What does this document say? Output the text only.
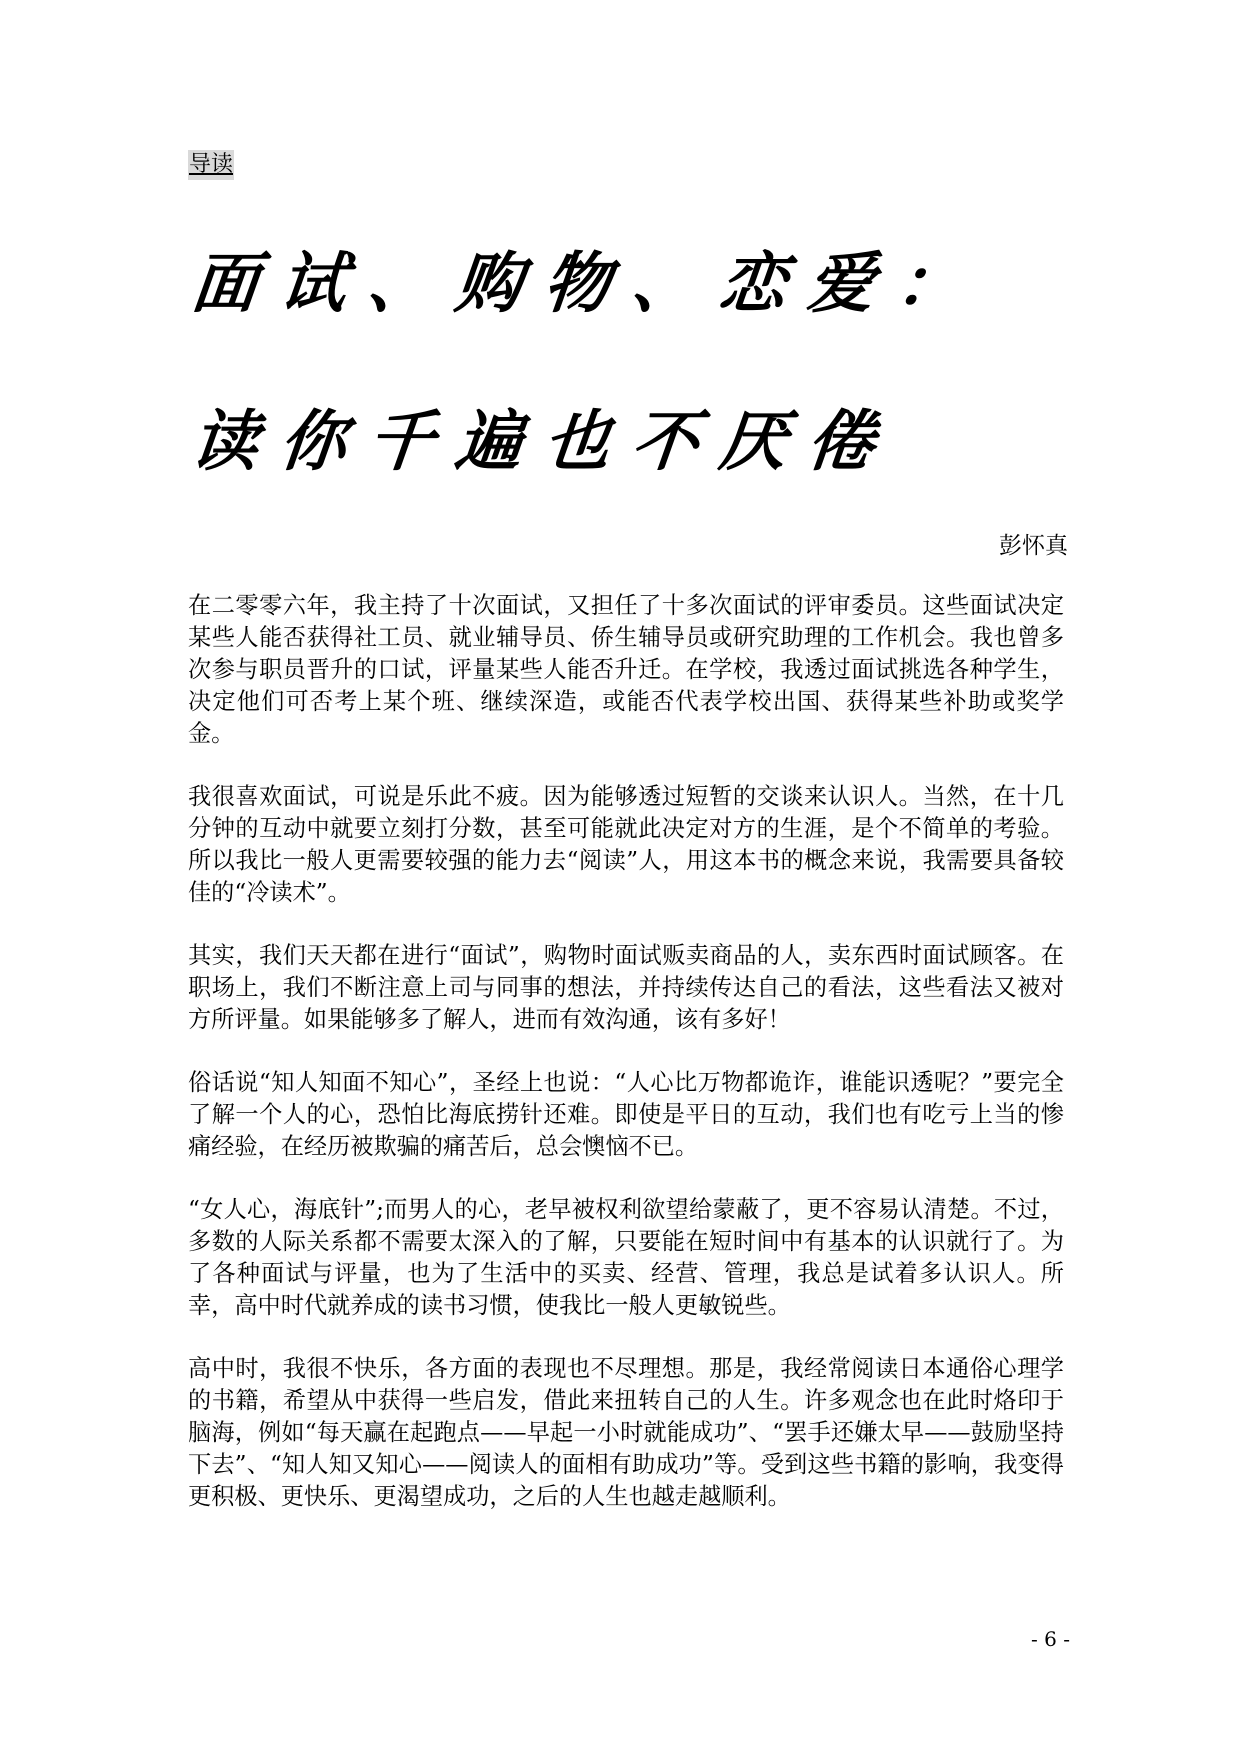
导读
面试、购物、恋爱：
读你千遍也不厌倦
彭怀真

在二零零六年，我主持了十次面试，又担任了十多次面试的评审委员。这些面试决定某些人能否获得社工员、就业辅导员、侨生辅导员或研究助理的工作机会。我也曾多次参与职员晋升的口试，评量某些人能否升迁。在学校，我透过面试挑选各种学生，决定他们可否考上某个班、继续深造，或能否代表学校出国、获得某些补助或奖学金。

我很喜欢面试，可说是乐此不疲。因为能够透过短暂的交谈来认识人。当然，在十几分钟的互动中就要立刻打分数，甚至可能就此决定对方的生涯，是个不简单的考验。所以我比一般人更需要较强的能力去“阅读”人，用这本书的概念来说，我需要具备较佳的“冷读术”。

其实，我们天天都在进行“面试”，购物时面试贩卖商品的人，卖东西时面试顾客。在职场上，我们不断注意上司与同事的想法，并持续传达自己的看法，这些看法又被对方所评量。如果能够多了解人，进而有效沟通，该有多好！

俗话说“知人知面不知心”，圣经上也说：“人心比万物都诡诈，谁能识透呢？”要完全了解一个人的心，恐怕比海底捞针还难。即使是平日的互动，我们也有吃亏上当的惨痛经验，在经历被欺骗的痛苦后，总会懊恼不已。

“女人心，海底针”;而男人的心，老早被权利欲望给蒙蔽了，更不容易认清楚。不过，多数的人际关系都不需要太深入的了解，只要能在短时间中有基本的认识就行了。为了各种面试与评量，也为了生活中的买卖、经营、管理，我总是试着多认识人。所幸，高中时代就养成的读书习惯，使我比一般人更敏锐些。

高中时，我很不快乐，各方面的表现也不尽理想。那是，我经常阅读日本通俗心理学的书籍，希望从中获得一些启发，借此来扭转自己的人生。许多观念也在此时烙印于脑海，例如“每天赢在起跑点——早起一小时就能成功”、“罢手还嫌太早——鼓励坚持下去”、“知人知又知心——阅读人的面相有助成功”等。受到这些书籍的影响，我变得更积极、更快乐、更渴望成功，之后的人生也越走越顺利。

- 6 -
